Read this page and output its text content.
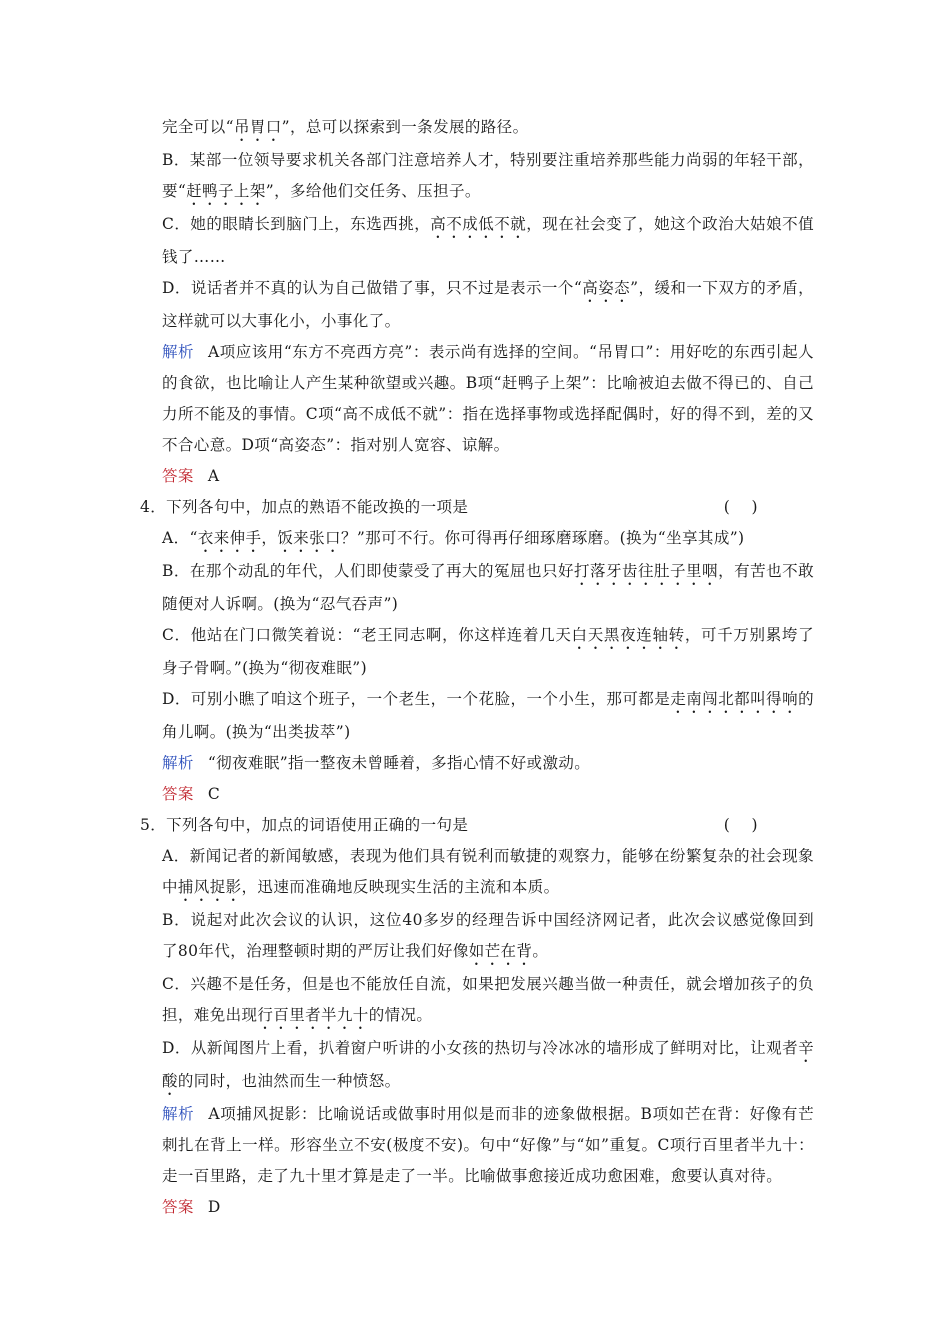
完全可以“吊胃口”，总可以探索到一条发展的路径。

B．某部一位领导要求机关各部门注意培养人才，特别要注重培养那些能力尚弱的年轻干部，要“赶鸭子上架”，多给他们交任务、压担子。

C．她的眼睛长到脑门上，东选西挑，高不成低不就，现在社会变了，她这个政治大姑娘不值钱了……

D．说话者并不真的认为自己做错了事，只不过是表示一个“高姿态”，缓和一下双方的矛盾，这样就可以大事化小，小事化了。

解析 A项应该用“东方不亮西方亮”：表示尚有选择的空间。“吊胃口”：用好吃的东西引起人的食欲，也比喻让人产生某种欲望或兴趣。B项“赶鸭子上架”：比喻被迫去做不得已的、自己力所不能及的事情。C项“高不成低不就”：指在选择事物或选择配偶时，好的得不到，差的又不合心意。D项“高姿态”：指对别人宽容、谅解。

答案 A

4．下列各句中，加点的熟语不能改换的一项是	(    )

A．“衣来伸手，饭来张口？”那可不行。你可得再仔细琢磨琢磨。(换为“坐享其成”)

B．在那个动乱的年代，人们即使蒙受了再大的冤屈也只好打落牙齿往肚子里咽，有苦也不敢随便对人诉啊。(换为“忍气吞声”)

C．他站在门口微笑着说：“老王同志啊，你这样连着几天白天黑夜连轴转，可千万别累垮了身子骨啊。”(换为“彻夜难眠”)

D．可别小瞧了咱这个班子，一个老生，一个花脸，一个小生，那可都是走南闯北都叫得响的角儿啊。(换为“出类拔萃”)

解析 “彻夜难眠”指一整夜未曾睡着，多指心情不好或激动。

答案 C

5．下列各句中，加点的词语使用正确的一句是	(    )

A．新闻记者的新闻敏感，表现为他们具有锐利而敏捷的观察力，能够在纷繁复杂的社会现象中捕风捉影，迅速而准确地反映现实生活的主流和本质。

B．说起对此次会议的认识，这位40多岁的经理告诉中国经济网记者，此次会议感觉像回到了80年代，治理整顿时期的严厉让我们好像如芒在背。

C．兴趣不是任务，但是也不能放任自流，如果把发展兴趣当做一种责任，就会增加孩子的负担，难免出现行百里者半九十的情况。

D．从新闻图片上看，扒着窗户听讲的小女孩的热切与冷冰冰的墙形成了鲜明对比，让观者辛酸的同时，也油然而生一种愤怒。

解析 A项捕风捉影：比喻说话或做事时用似是而非的迹象做根据。B项如芒在背：好像有芒刺扎在背上一样。形容坐立不安(极度不安)。句中“好像”与“如”重复。C项行百里者半九十：走一百里路，走了九十里才算是走了一半。比喻做事愈接近成功愈困难，愈要认真对待。

答案 D
